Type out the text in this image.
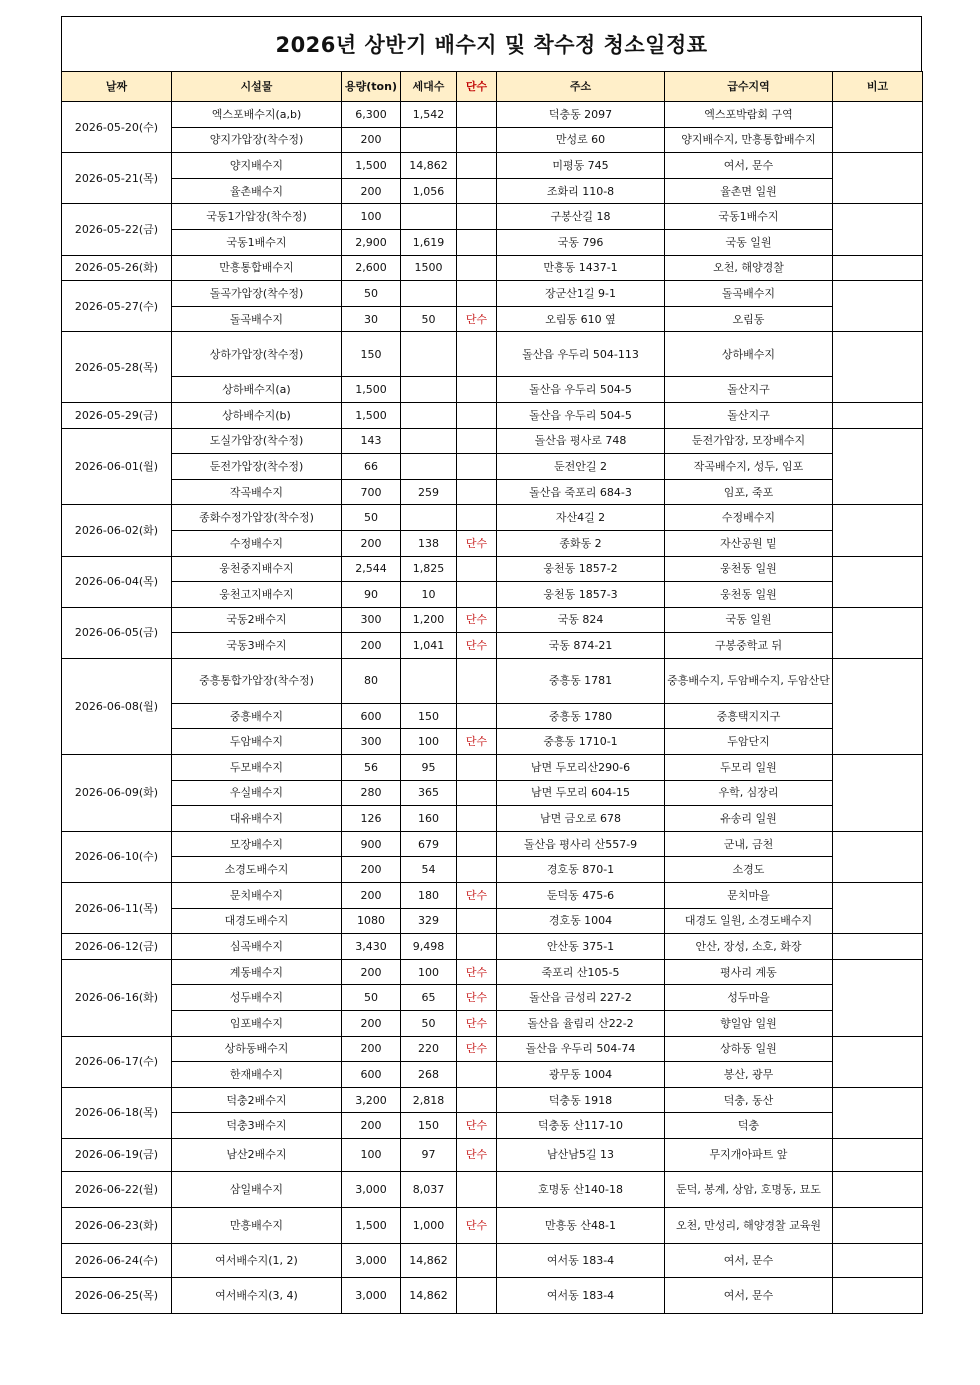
2026년 상반기 배수지 및 착수정 청소일정표
날짜	시설물	용량(ton)	세대수	단수	주소	급수지역	비고
2026-05-20(수)	엑스포배수지(a,b)	6,300	1,542		덕충동 2097	엑스포박람회 구역	
	양지가압장(착수정)	200			만성로 60	양지배수지, 만흥통합배수지	
2026-05-21(목)	양지배수지	1,500	14,862		미평동 745	여서, 문수	
	율촌배수지	200	1,056		조화리 110-8	율촌면 일원	
2026-05-22(금)	국동1가압장(착수정)	100			구봉산길 18	국동1배수지	
	국동1배수지	2,900	1,619		국동 796	국동 일원	
2026-05-26(화)	만흥통합배수지	2,600	1500		만흥동 1437-1	오천, 해양경찰	
2026-05-27(수)	돌곡가압장(착수정)	50			장군산1길 9-1	돌곡배수지	
	돌곡배수지	30	50	단수	오림동 610 옆	오림동	
2026-05-28(목)	상하가압장(착수정)	150			돌산읍 우두리 504-113	상하배수지	
	상하배수지(a)	1,500			돌산읍 우두리 504-5	돌산지구	
2026-05-29(금)	상하배수지(b)	1,500			돌산읍 우두리 504-5	돌산지구	
2026-06-01(월)	도실가압장(착수정)	143			돌산읍 평사로 748	둔전가압장, 모장배수지	
	둔전가압장(착수정)	66			둔전안길 2	작곡배수지, 성두, 임포	
	작곡배수지	700	259		돌산읍 죽포리 684-3	임포, 죽포	
2026-06-02(화)	종화수정가압장(착수정)	50			자산4길 2	수정배수지	
	수정배수지	200	138	단수	종화동 2	자산공원 밑	
2026-06-04(목)	웅천중지배수지	2,544	1,825		웅천동 1857-2	웅천동 일원	
	웅천고지배수지	90	10		웅천동 1857-3	웅천동 일원	
2026-06-05(금)	국동2배수지	300	1,200	단수	국동 824	국동 일원	
	국동3배수지	200	1,041	단수	국동 874-21	구봉중학교 뒤	
2026-06-08(월)	중흥통합가압장(착수정)	80			중흥동 1781	중흥배수지, 두암배수지, 두암산단	
	중흥배수지	600	150		중흥동 1780	중흥택지지구	
	두암배수지	300	100	단수	중흥동 1710-1	두암단지	
2026-06-09(화)	두모배수지	56	95		남면 두모리산290-6	두모리 일원	
	우실배수지	280	365		남면 두모리 604-15	우학, 심장리	
	대유배수지	126	160		남면 금오로 678	유송리 일원	
2026-06-10(수)	모장배수지	900	679		돌산읍 평사리 산557-9	군내, 금천	
	소경도배수지	200	54		경호동 870-1	소경도	
2026-06-11(목)	문치배수지	200	180	단수	둔덕동 475-6	문치마을	
	대경도배수지	1080	329		경호동 1004	대경도 일원, 소경도배수지	
2026-06-12(금)	심곡배수지	3,430	9,498		안산동 375-1	안산, 장성, 소호, 화장	
2026-06-16(화)	계동배수지	200	100	단수	죽포리 산105-5	평사리 계동	
	성두배수지	50	65	단수	돌산읍 금성리 227-2	성두마을	
	임포배수지	200	50	단수	돌산읍 율림리 산22-2	향일암 일원	
2026-06-17(수)	상하동배수지	200	220	단수	돌산읍 우두리 504-74	상하동 일원	
	한재배수지	600	268		광무동 1004	봉산, 광무	
2026-06-18(목)	덕충2배수지	3,200	2,818		덕충동 1918	덕충, 동산	
	덕충3배수지	200	150	단수	덕충동 산117-10	덕충	
2026-06-19(금)	남산2배수지	100	97	단수	남산남5길 13	무지개아파트 앞	
2026-06-22(월)	삼일배수지	3,000	8,037		호명동 산140-18	둔덕, 봉계, 상암, 호명동, 묘도	
2026-06-23(화)	만흥배수지	1,500	1,000	단수	만흥동 산48-1	오천, 만성리, 해양경찰 교육원	
2026-06-24(수)	여서배수지(1, 2)	3,000	14,862		여서동 183-4	여서, 문수	
2026-06-25(목)	여서배수지(3, 4)	3,000	14,862		여서동 183-4	여서, 문수	
